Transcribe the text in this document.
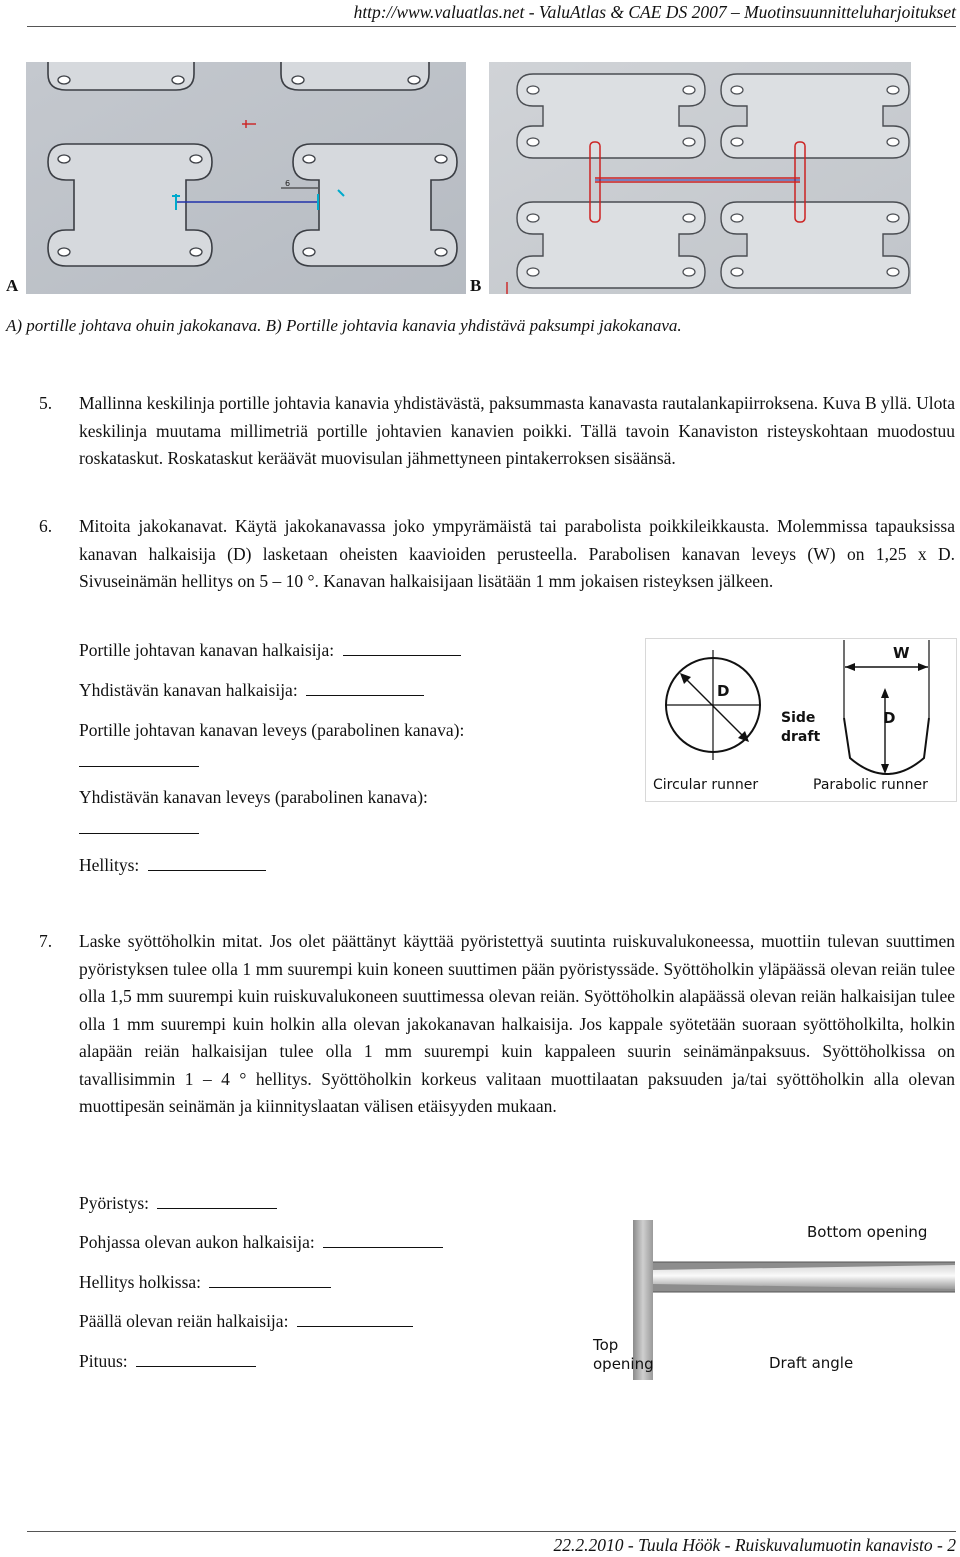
http://www.valuatlas.net - ValuAtlas & CAE DS 2007 – Muotinsuunnitteluharjoitukset
6
A	B
A) portille johtava ohuin jakokanava. B) Portille johtavia kanavia yhdistävä paksumpi jakokanava.
5. Mallinna keskilinja portille johtavia kanavia yhdistävästä, paksummasta kanavasta rautalankapiirroksena. Kuva B yllä. Ulota keskilinja muutama millimetriä portille johtavien kanavien poikki. Tällä tavoin Kanaviston risteyskohtaan muodostuu roskataskut. Roskataskut keräävät muovisulan jähmettyneen pintakerroksen sisäänsä.

6. Mitoita jakokanavat. Käytä jakokanavassa joko ympyrämäistä tai parabolista poikkileikkausta. Molemmissa tapauksissa kanavan halkaisija (D) lasketaan oheisten kaavioiden perusteella. Parabolisen kanavan leveys (W) on 1,25 x D. Sivuseinämän hellitys on 5 – 10 °. Kanavan halkaisijaan lisätään 1 mm jokaisen risteyksen jälkeen.

Portille johtavan kanavan halkaisija:
Yhdistävän kanavan halkaisija:
Portille johtavan kanavan leveys (parabolinen kanava):
Yhdistävän kanavan leveys (parabolinen kanava):
Hellitys:
D
Circular runner
W
D
Side
draft
Parabolic runner
7. Laske syöttöholkin mitat. Jos olet päättänyt käyttää pyöristettyä suutinta ruiskuvalukoneessa, muottiin tulevan suuttimen pyöristyksen tulee olla 1 mm suurempi kuin koneen suuttimen pään pyöristyssäde. Syöttöholkin yläpäässä olevan reiän tulee olla 1,5 mm suurempi kuin ruiskuvalukoneen suuttimessa olevan reiän. Syöttöholkin alapäässä olevan reiän halkaisijan tulee olla 1 mm suurempi kuin holkin alla olevan jakokanavan halkaisija. Jos kappale syötetään suoraan syöttöholkilta, holkin alapään reiän halkaisijan tulee olla 1 mm suurempi kuin kappaleen suurin seinämänpaksuus. Syöttöholkissa on tavallisimmin 1 – 4 ° hellitys. Syöttöholkin korkeus valitaan muottilaatan paksuuden ja/tai syöttöholkin alla olevan muottipesän seinämän ja kiinnityslaatan välisen etäisyyden mukaan.

Pyöristys:
Pohjassa olevan aukon halkaisija:
Hellitys holkissa:
Päällä olevan reiän halkaisija:
Pituus:
Bottom opening
Top
opening	Draft angle
22.2.2010 - Tuula Höök - Ruiskuvalumuotin kanavisto - 2
